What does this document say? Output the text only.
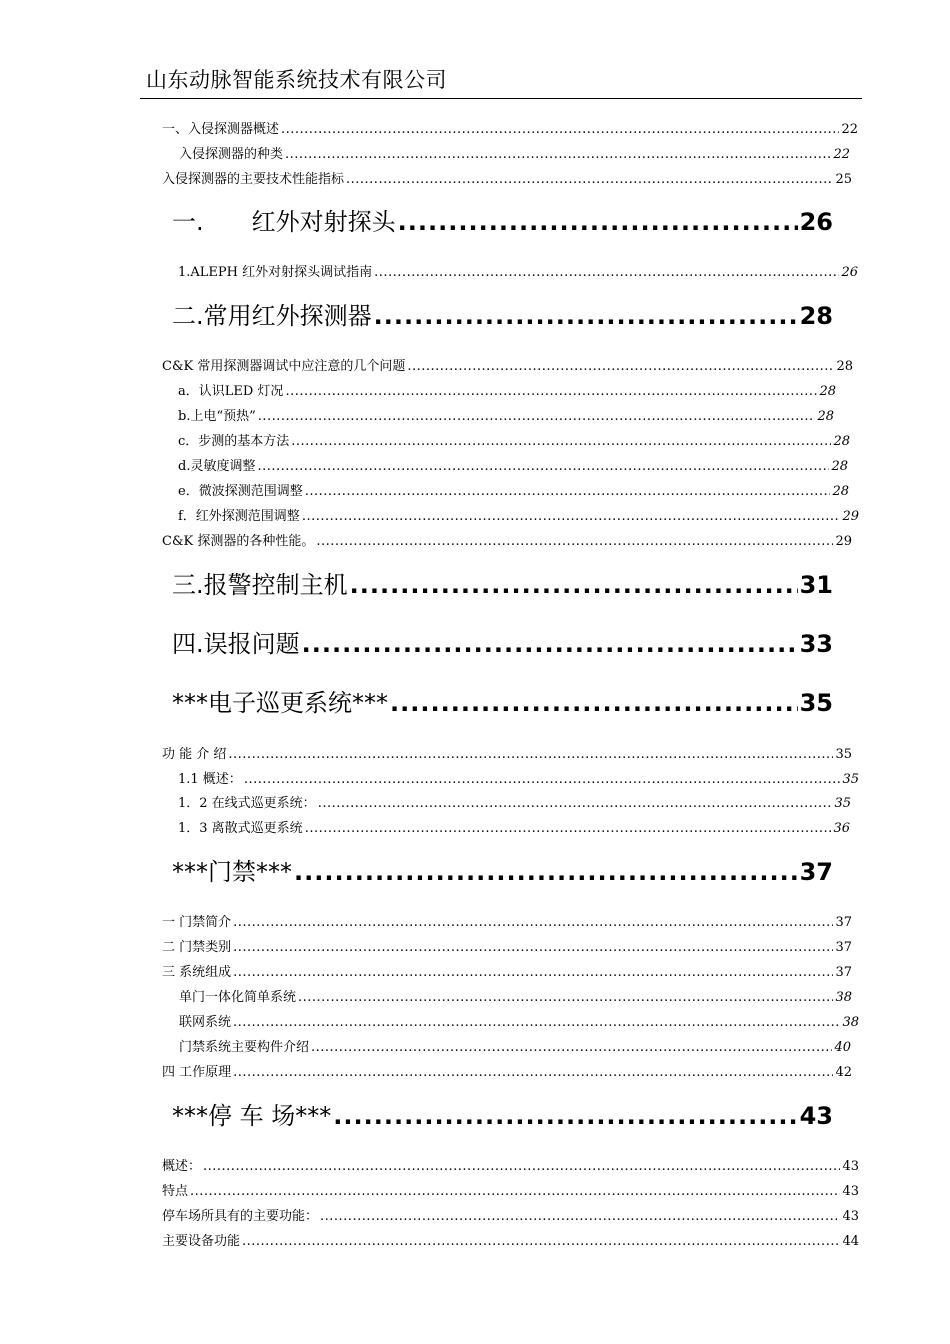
山东动脉智能系统技术有限公司
一、入侵探测器概述 .....	22
入侵探测器的种类 .....	22
入侵探测器的主要技术性能指标 .....	25
一.　　红外对射探头 .....	26
1.ALEPH 红外对射探头调试指南 .....	26
二.常用红外探测器 .....	28
C&K 常用探测器调试中应注意的几个问题 .....	28
a．认识LED 灯况 .....	28
b.上电“预热” .....	28
c．步测的基本方法 .....	28
d.灵敏度调整 .....	28
e．微波探测范围调整 .....	28
f．红外探测范围调整 .....	29
C&K 探测器的各种性能。 .....	29
三.报警控制主机 .....	31
四.误报问题 .....	33
***电子巡更系统*** .....	35
功 能 介 绍 .....	35
1.1 概述： .....	35
1．2 在线式巡更系统： .....	35
1．3 离散式巡更系统 .....	36
***门禁*** .....	37
一 门禁简介 .....	37
二 门禁类别 .....	37
三 系统组成 .....	37
单门一体化简单系统 .....	38
联网系统 .....	38
门禁系统主要构件介绍 .....	40
四 工作原理 .....	42
***停 车 场*** .....	43
概述： .....	43
特点 .....	43
停车场所具有的主要功能： .....	43
主要设备功能 .....	44
